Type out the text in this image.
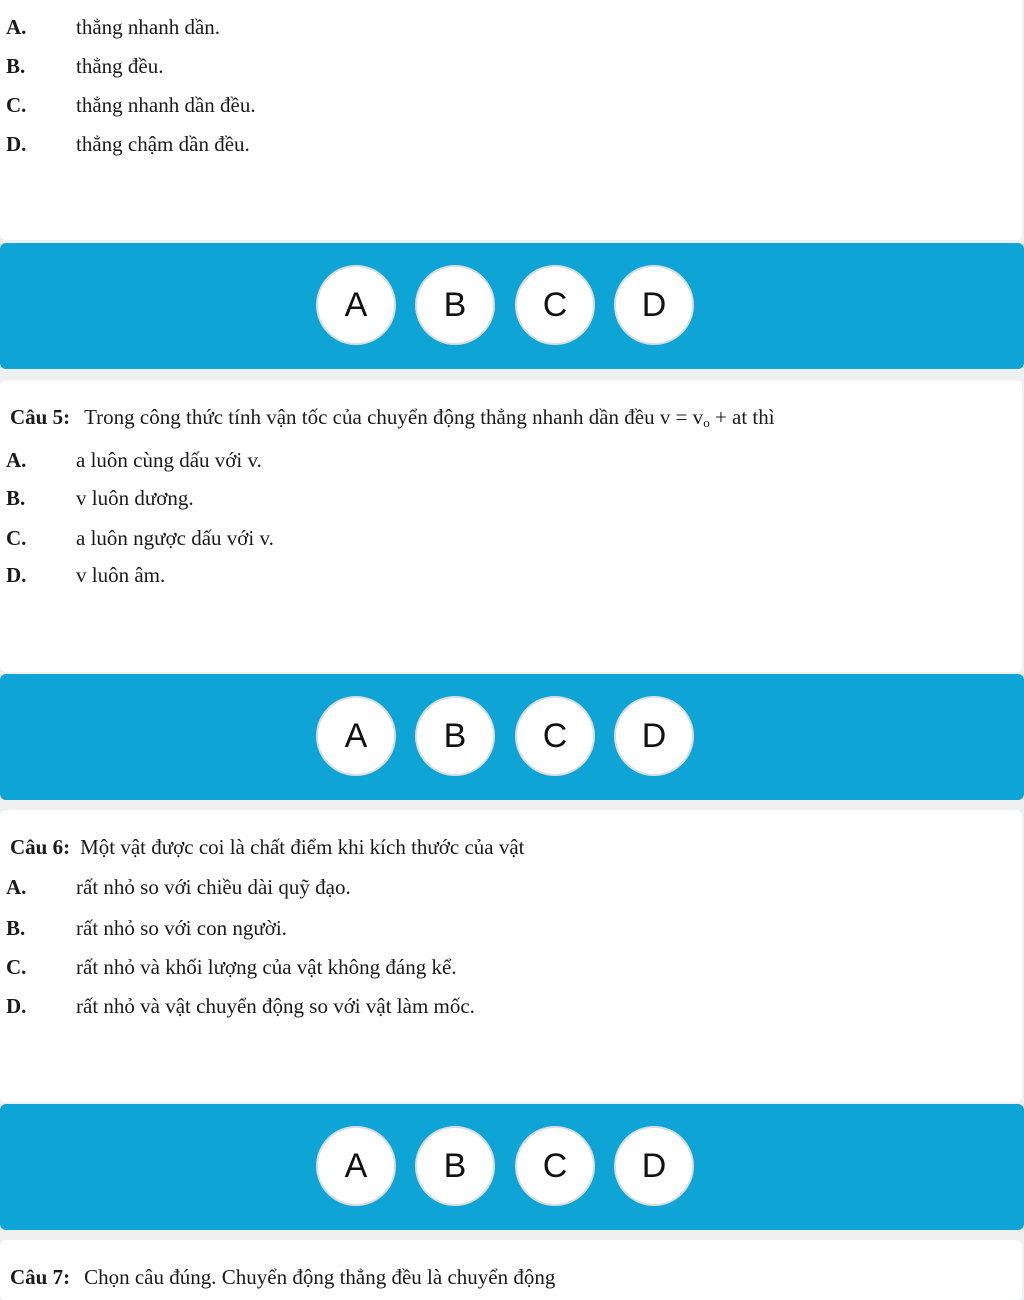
A. thẳng nhanh dần.
B. thẳng đều.
C. thẳng nhanh dần đều.
D. thẳng chậm dần đều.
A	B	C	D
Câu 5: Trong công thức tính vận tốc của chuyển động thẳng nhanh dần đều $v = v_o$ + at thì
A. a luôn cùng dấu với v.
B. v luôn dương.
C. a luôn ngược dấu với v.
D. v luôn âm.
A	B	C	D
Câu 6: Một vật được coi là chất điểm khi kích thước của vật
A. rất nhỏ so với chiều dài quỹ đạo.
B. rất nhỏ so với con người.
C. rất nhỏ và khối lượng của vật không đáng kể.
D. rất nhỏ và vật chuyển động so với vật làm mốc.
A	B	C	D
Câu 7: Chọn câu đúng. Chuyển động thẳng đều là chuyển động
